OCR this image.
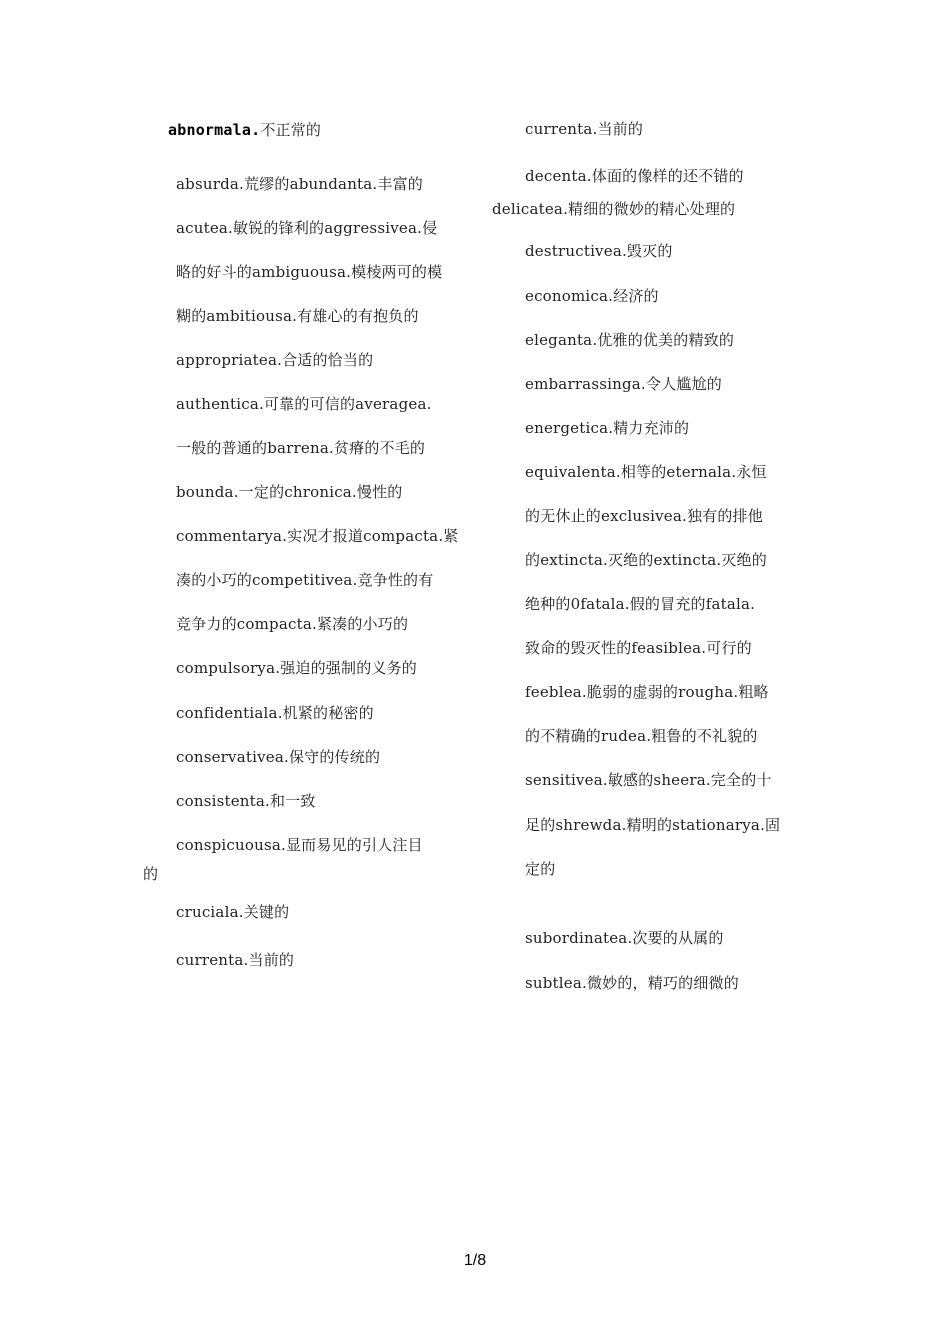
abnormala.不正常的
absurda.荒缪的abundanta.丰富的
acutea.敏锐的锋利的aggressivea.侵
略的好斗的ambiguousa.模棱两可的模
糊的ambitiousa.有雄心的有抱负的
appropriatea.合适的恰当的
authentica.可靠的可信的averagea.
一般的普通的barrena.贫瘠的不毛的
bounda.一定的chronica.慢性的
commentarya.实况才报道compacta.紧
凑的小巧的competitivea.竞争性的有
竞争力的compacta.紧凑的小巧的
compulsorya.强迫的强制的义务的
confidentiala.机紧的秘密的
conservativea.保守的传统的
consistenta.和一致
conspicuousa.显而易见的引人注目
的
cruciala.关键的
currenta.当前的
currenta.当前的
decenta.体面的像样的还不错的
delicatea.精细的微妙的精心处理的
destructivea.毁灭的
economica.经济的
eleganta.优雅的优美的精致的
embarrassinga.令人尴尬的
energetica.精力充沛的
equivalenta.相等的eternala.永恒
的无休止的exclusivea.独有的排他
的extincta.灭绝的extincta.灭绝的
绝种的0fatala.假的冒充的fatala.
致命的毁灭性的feasiblea.可行的
feeblea.脆弱的虚弱的rougha.粗略
的不精确的rudea.粗鲁的不礼貌的
sensitivea.敏感的sheera.完全的十
足的shrewda.精明的stationarya.固
定的
subordinatea.次要的从属的
subtlea.微妙的，精巧的细微的
1/8
